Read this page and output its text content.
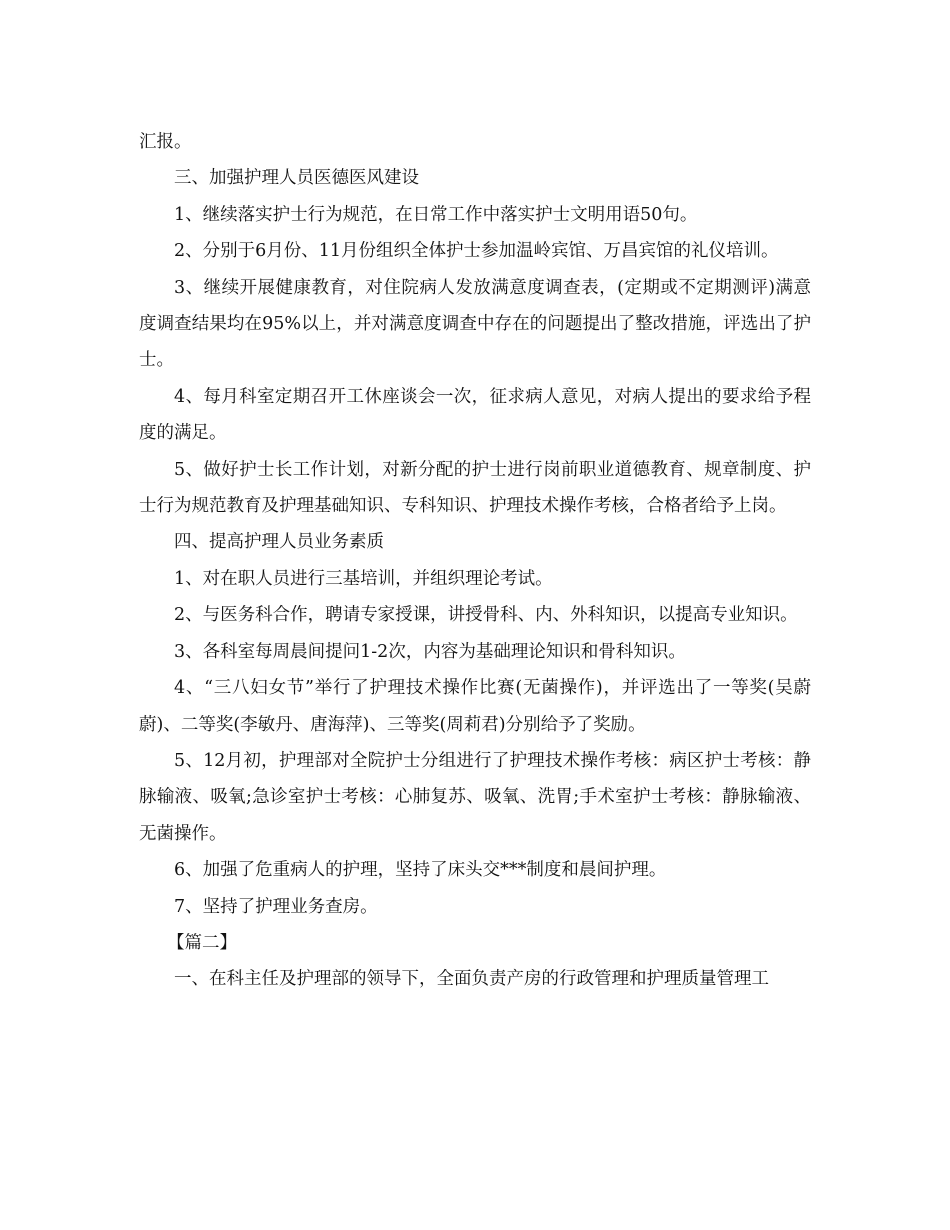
汇报。

三、加强护理人员医德医风建设

1、继续落实护士行为规范，在日常工作中落实护士文明用语50句。

2、分别于6月份、11月份组织全体护士参加温岭宾馆、万昌宾馆的礼仪培训。

3、继续开展健康教育，对住院病人发放满意度调查表，(定期或不定期测评)满意度调查结果均在95%以上，并对满意度调查中存在的问题提出了整改措施，评选出了护士。

4、每月科室定期召开工休座谈会一次，征求病人意见，对病人提出的要求给予程度的满足。

5、做好护士长工作计划，对新分配的护士进行岗前职业道德教育、规章制度、护士行为规范教育及护理基础知识、专科知识、护理技术操作考核，合格者给予上岗。

四、提高护理人员业务素质

1、对在职人员进行三基培训，并组织理论考试。

2、与医务科合作，聘请专家授课，讲授骨科、内、外科知识，以提高专业知识。

3、各科室每周晨间提问1-2次，内容为基础理论知识和骨科知识。

4、“三八妇女节”举行了护理技术操作比赛(无菌操作)，并评选出了一等奖(吴蔚蔚)、二等奖(李敏丹、唐海萍)、三等奖(周莉君)分别给予了奖励。

5、12月初，护理部对全院护士分组进行了护理技术操作考核：病区护士考核：静脉输液、吸氧;急诊室护士考核：心肺复苏、吸氧、洗胃;手术室护士考核：静脉输液、无菌操作。

6、加强了危重病人的护理，坚持了床头交***制度和晨间护理。

7、坚持了护理业务查房。

【篇二】

一、在科主任及护理部的领导下，全面负责产房的行政管理和护理质量管理工
